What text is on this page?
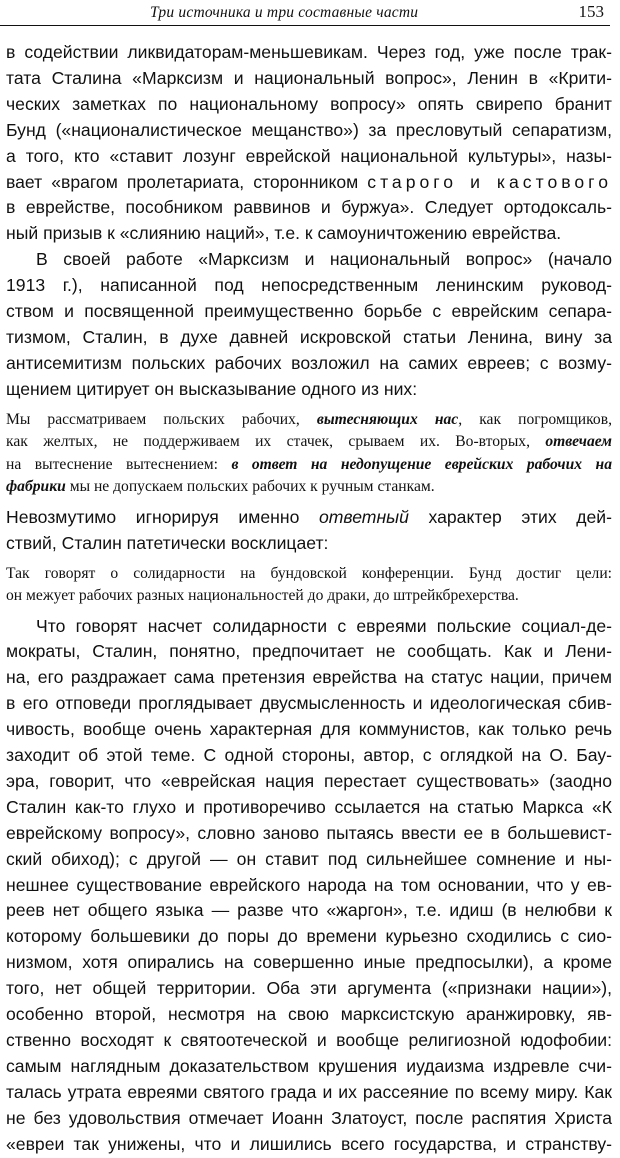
Три источника и три составные части	153
в содействии ликвидаторам-меньшевикам. Через год, уже после трак-
тата Сталина «Марксизм и национальный вопрос», Ленин в «Крити-
ческих заметках по национальному вопросу» опять свирепо бранит
Бунд («националистическое мещанство») за пресловутый сепаратизм,
а того, кто «ставит лозунг еврейской национальной культуры», назы-
вает «врагом пролетариата, сторонником старого и кастового
в еврействе, пособником раввинов и буржуа». Следует ортодоксаль-
ный призыв к «слиянию наций», т.е. к самоуничтожению еврейства.
В своей работе «Марксизм и национальный вопрос» (начало
1913 г.), написанной под непосредственным ленинским руковод-
ством и посвященной преимущественно борьбе с еврейским сепара-
тизмом, Сталин, в духе давней искровской статьи Ленина, вину за
антисемитизм польских рабочих возложил на самих евреев; с возму-
щением цитирует он высказывание одного из них:
Мы рассматриваем польских рабочих, вытесняющих нас, как погромщиков,
как желтых, не поддерживаем их стачек, срываем их. Во-вторых, отвечаем
на вытеснение вытеснением: в ответ на недопущение еврейских рабочих на
фабрики мы не допускаем польских рабочих к ручным станкам.
Невозмутимо игнорируя именно ответный характер этих дей-
ствий, Сталин патетически восклицает:
Так говорят о солидарности на бундовской конференции. Бунд достиг цели:
он межует рабочих разных национальностей до драки, до штрейкбрехерства.
Что говорят насчет солидарности с евреями польские социал-де-
мократы, Сталин, понятно, предпочитает не сообщать. Как и Лени-
на, его раздражает сама претензия еврейства на статус нации, причем
в его отповеди проглядывает двусмысленность и идеологическая сбив-
чивость, вообще очень характерная для коммунистов, как только речь
заходит об этой теме. С одной стороны, автор, с оглядкой на О. Бау-
эра, говорит, что «еврейская нация перестает существовать» (заодно
Сталин как-то глухо и противоречиво ссылается на статью Маркса «К
еврейскому вопросу», словно заново пытаясь ввести ее в большевист-
ский обиход); с другой — он ставит под сильнейшее сомнение и ны-
нешнее существование еврейского народа на том основании, что у ев-
реев нет общего языка — разве что «жаргон», т.е. идиш (в нелюбви к
которому большевики до поры до времени курьезно сходились с сио-
низмом, хотя опирались на совершенно иные предпосылки), а кроме
того, нет общей территории. Оба эти аргумента («признаки нации»),
особенно второй, несмотря на свою марксистскую аранжировку, яв-
ственно восходят к святоотеческой и вообще религиозной юдофобии:
самым наглядным доказательством крушения иудаизма издревле счи-
талась утрата евреями святого града и их рассеяние по всему миру. Как
не без удовольствия отмечает Иоанн Златоуст, после распятия Христа
«евреи так унижены, что и лишились всего государства, и странству-
